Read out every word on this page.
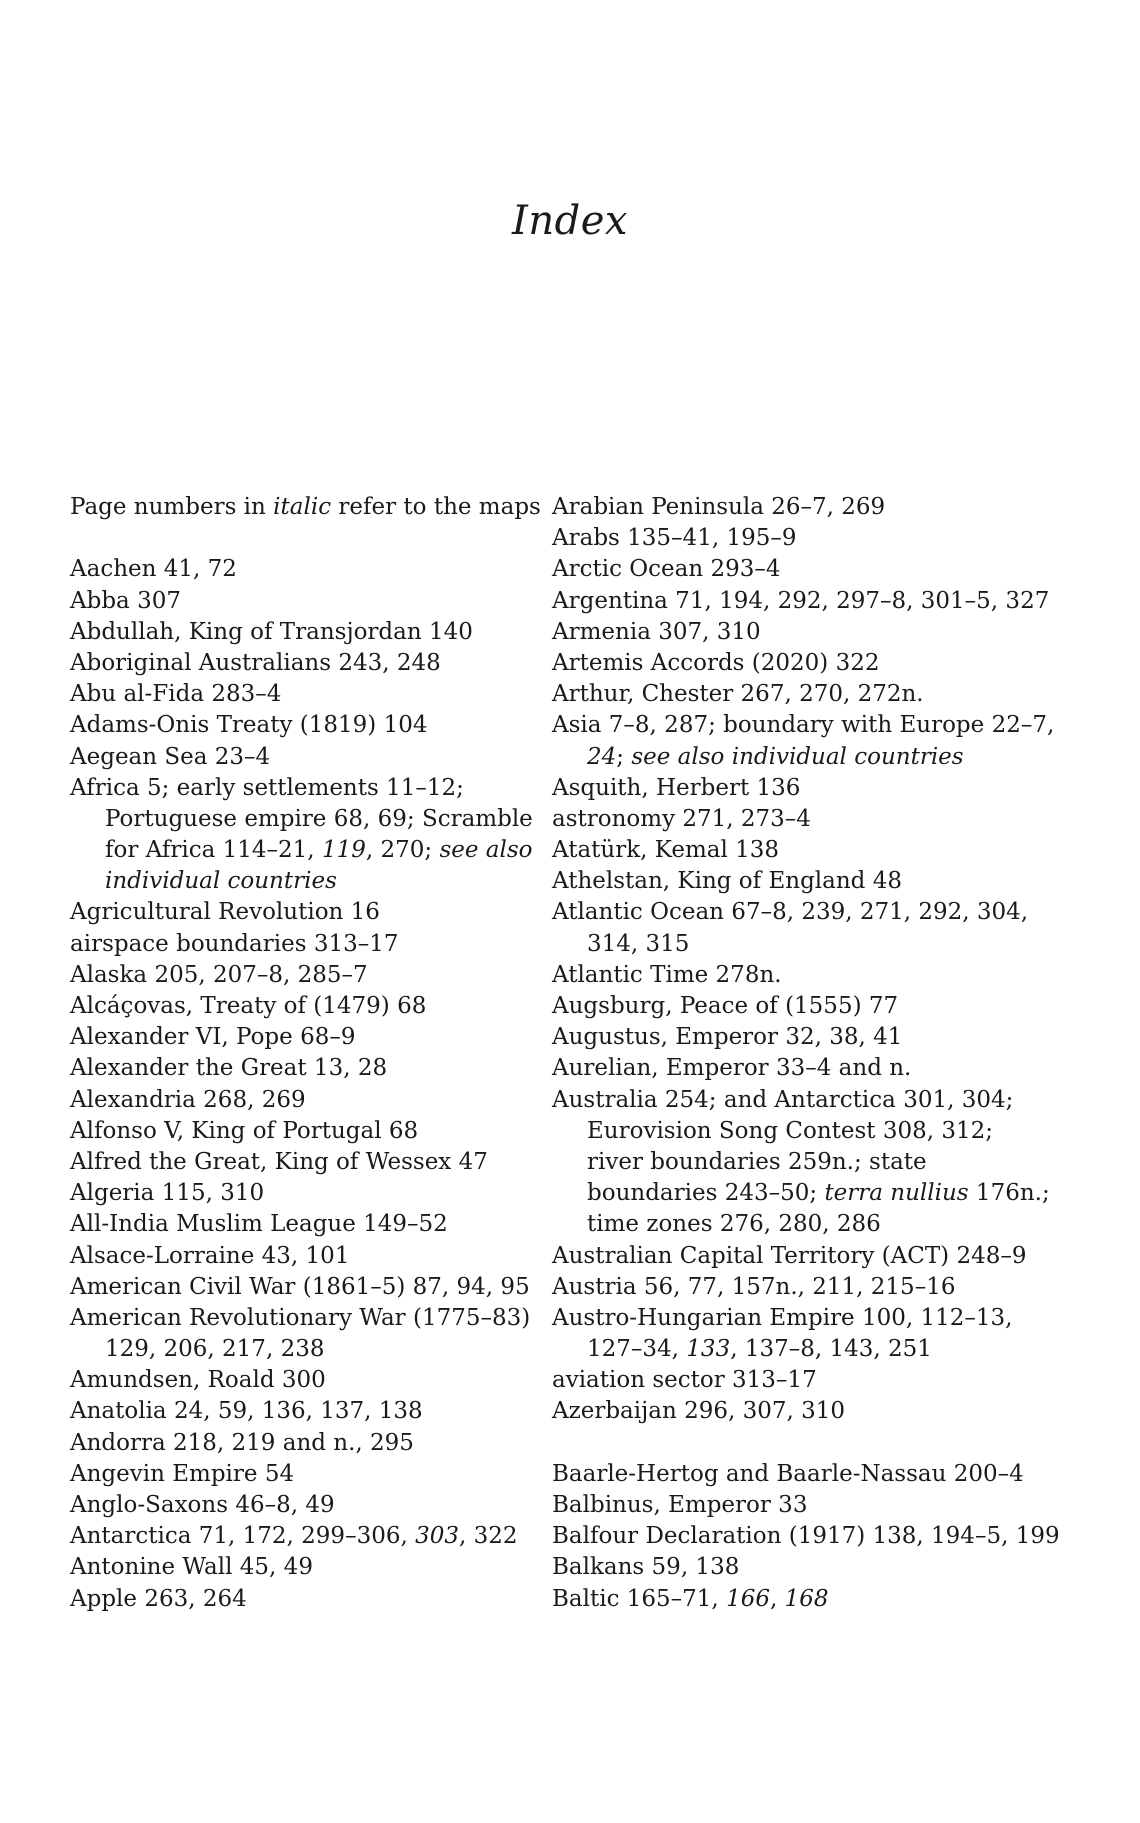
Index
Page numbers in italic refer to the maps
Aachen 41, 72
Abba 307
Abdullah, King of Transjordan 140
Aboriginal Australians 243, 248
Abu al-Fida 283–4
Adams-Onis Treaty (1819) 104
Aegean Sea 23–4
Africa 5; early settlements 11–12;
Portuguese empire 68, 69; Scramble
for Africa 114–21, 119, 270; see also
individual countries
Agricultural Revolution 16
airspace boundaries 313–17
Alaska 205, 207–8, 285–7
Alcáçovas, Treaty of (1479) 68
Alexander VI, Pope 68–9
Alexander the Great 13, 28
Alexandria 268, 269
Alfonso V, King of Portugal 68
Alfred the Great, King of Wessex 47
Algeria 115, 310
All-India Muslim League 149–52
Alsace-Lorraine 43, 101
American Civil War (1861–5) 87, 94, 95
American Revolutionary War (1775–83)
129, 206, 217, 238
Amundsen, Roald 300
Anatolia 24, 59, 136, 137, 138
Andorra 218, 219 and n., 295
Angevin Empire 54
Anglo-Saxons 46–8, 49
Antarctica 71, 172, 299–306, 303, 322
Antonine Wall 45, 49
Apple 263, 264
Arabian Peninsula 26–7, 269
Arabs 135–41, 195–9
Arctic Ocean 293–4
Argentina 71, 194, 292, 297–8, 301–5, 327
Armenia 307, 310
Artemis Accords (2020) 322
Arthur, Chester 267, 270, 272n.
Asia 7–8, 287; boundary with Europe 22–7,
24; see also individual countries
Asquith, Herbert 136
astronomy 271, 273–4
Atatürk, Kemal 138
Athelstan, King of England 48
Atlantic Ocean 67–8, 239, 271, 292, 304,
314, 315
Atlantic Time 278n.
Augsburg, Peace of (1555) 77
Augustus, Emperor 32, 38, 41
Aurelian, Emperor 33–4 and n.
Australia 254; and Antarctica 301, 304;
Eurovision Song Contest 308, 312;
river boundaries 259n.; state
boundaries 243–50; terra nullius 176n.;
time zones 276, 280, 286
Australian Capital Territory (ACT) 248–9
Austria 56, 77, 157n., 211, 215–16
Austro-Hungarian Empire 100, 112–13,
127–34, 133, 137–8, 143, 251
aviation sector 313–17
Azerbaijan 296, 307, 310
Baarle-Hertog and Baarle-Nassau 200–4
Balbinus, Emperor 33
Balfour Declaration (1917) 138, 194–5, 199
Balkans 59, 138
Baltic 165–71, 166, 168
